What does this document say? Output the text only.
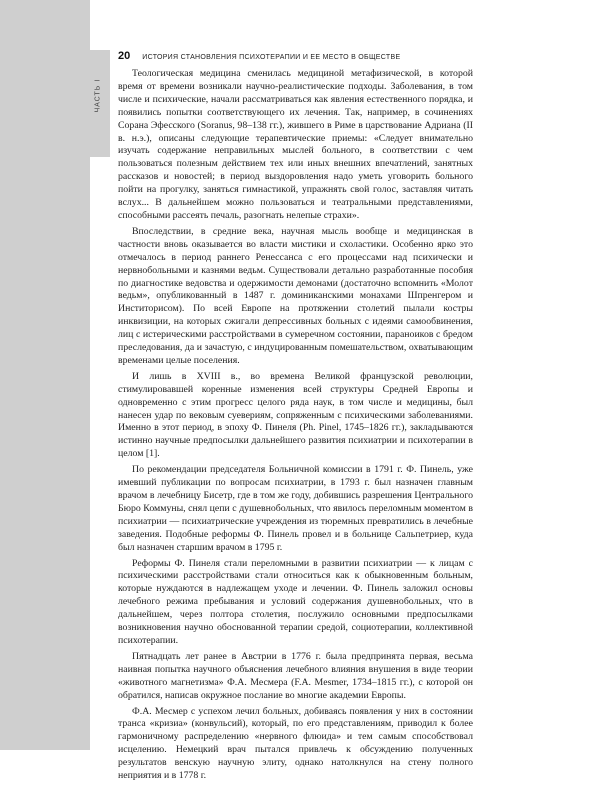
20 ИСТОРИЯ СТАНОВЛЕНИЯ ПСИХОТЕРАПИИ И ЕЕ МЕСТО В ОБЩЕСТВЕ

Теологическая медицина сменилась медициной метафизической, в которой время от времени возникали научно-реалистические подходы. Заболевания, в том числе и психические, начали рассматриваться как явления естественного порядка, и появились попытки соответствующего их лечения. Так, например, в сочинениях Сорана Эфесского (Soranus, 98–138 гг.), жившего в Риме в царствование Адриана (II в. н.э.), описаны следующие терапевтические приемы: «Следует внимательно изучать содержание неправильных мыслей больного, в соответствии с чем пользоваться полезным действием тех или иных внешних впечатлений, занятных рассказов и новостей; в период выздоровления надо уметь уговорить больного пойти на прогулку, заняться гимнастикой, упражнять свой голос, заставляя читать вслух... В дальнейшем можно пользоваться и театральными представлениями, способными рассеять печаль, разогнать нелепые страхи».

Впоследствии, в средние века, научная мысль вообще и медицинская в частности вновь оказывается во власти мистики и схоластики. Особенно ярко это отмечалось в период раннего Ренессанса с его процессами над психически и нервнобольными и казнями ведьм. Существовали детально разработанные пособия по диагностике ведовства и одержимости демонами (достаточно вспомнить «Молот ведьм», опубликованный в 1487 г. доминиканскими монахами Шпренгером и Инститорисом). По всей Европе на протяжении столетий пылали костры инквизиции, на которых сжигали депрессивных больных с идеями самообвинения, лиц с истерическими расстройствами в сумеречном состоянии, параноиков с бредом преследования, да и зачастую, с индуцированным помешательством, охватывающим временами целые поселения.

И лишь в XVIII в., во времена Великой французской революции, стимулировавшей коренные изменения всей структуры Средней Европы и одновременно с этим прогресс целого ряда наук, в том числе и медицины, был нанесен удар по вековым суевериям, сопряженным с психическими заболеваниями. Именно в этот период, в эпоху Ф. Пинеля (Ph. Pinel, 1745–1826 гг.), закладываются истинно научные предпосылки дальнейшего развития психиатрии и психотерапии в целом [1].

По рекомендации председателя Больничной комиссии в 1791 г. Ф. Пинель, уже имевший публикации по вопросам психиатрии, в 1793 г. был назначен главным врачом в лечебницу Бисетр, где в том же году, добившись разрешения Центрального Бюро Коммуны, снял цепи с душевнобольных, что явилось переломным моментом в психиатрии — психиатрические учреждения из тюремных превратились в лечебные заведения. Подобные реформы Ф. Пинель провел и в больнице Сальпетриер, куда был назначен старшим врачом в 1795 г.

Реформы Ф. Пинеля стали переломными в развитии психиатрии — к лицам с психическими расстройствами стали относиться как к обыкновенным больным, которые нуждаются в надлежащем уходе и лечении. Ф. Пинель заложил основы лечебного режима пребывания и условий содержания душевнобольных, что в дальнейшем, через полтора столетия, послужило основными предпосылками возникновения научно обоснованной терапии средой, социотерапии, коллективной психотерапии.

Пятнадцать лет ранее в Австрии в 1776 г. была предпринята первая, весьма наивная попытка научного объяснения лечебного влияния внушения в виде теории «животного магнетизма» Ф.А. Месмера (F.A. Mesmer, 1734–1815 гг.), с которой он обратился, написав окружное послание во многие академии Европы.

Ф.А. Месмер с успехом лечил больных, добиваясь появления у них в состоянии транса «кризиа» (конвульсий), который, по его представлениям, приводил к более гармоничному распределению «нервного флюида» и тем самым способствовал исцелению. Немецкий врач пытался привлечь к обсуждению полученных результатов венскую научную элиту, однако натолкнулся на стену полного неприятия и в 1778 г.
